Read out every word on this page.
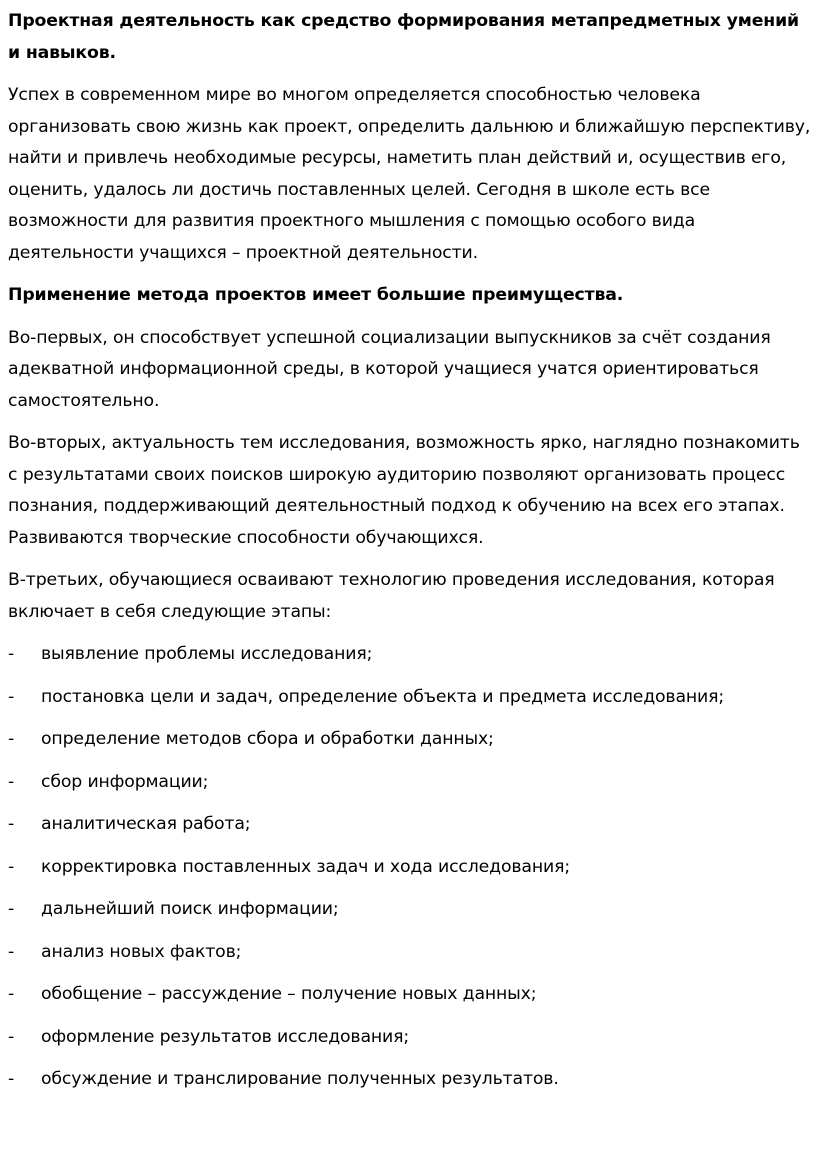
Проектная деятельность как средство формирования метапредметных умений и навыков.

Успех в современном мире во многом определяется способностью человека организовать свою жизнь как проект, определить дальнюю и ближайшую перспективу, найти и привлечь необходимые ресурсы, наметить план действий и, осуществив его, оценить, удалось ли достичь поставленных целей. Сегодня в школе есть все возможности для развития проектного мышления с помощью особого вида деятельности учащихся – проектной деятельности.

Применение метода проектов имеет большие преимущества.

Во-первых, он способствует успешной социализации выпускников за счёт создания адекватной информационной среды, в которой учащиеся учатся ориентироваться самостоятельно.

Во-вторых, актуальность тем исследования, возможность ярко, наглядно познакомить с результатами своих поисков широкую аудиторию позволяют организовать процесс познания, поддерживающий деятельностный подход к обучению на всех его этапах. Развиваются творческие способности обучающихся.

В-третьих, обучающиеся осваивают технологию проведения исследования, которая включает в себя следующие этапы:

- выявление проблемы исследования;
- постановка цели и задач, определение объекта и предмета исследования;
- определение методов сбора и обработки данных;
- сбор информации;
- аналитическая работа;
- корректировка поставленных задач и хода исследования;
- дальнейший поиск информации;
- анализ новых фактов;
- обобщение – рассуждение – получение новых данных;
- оформление результатов исследования;
- обсуждение и транслирование полученных результатов.
